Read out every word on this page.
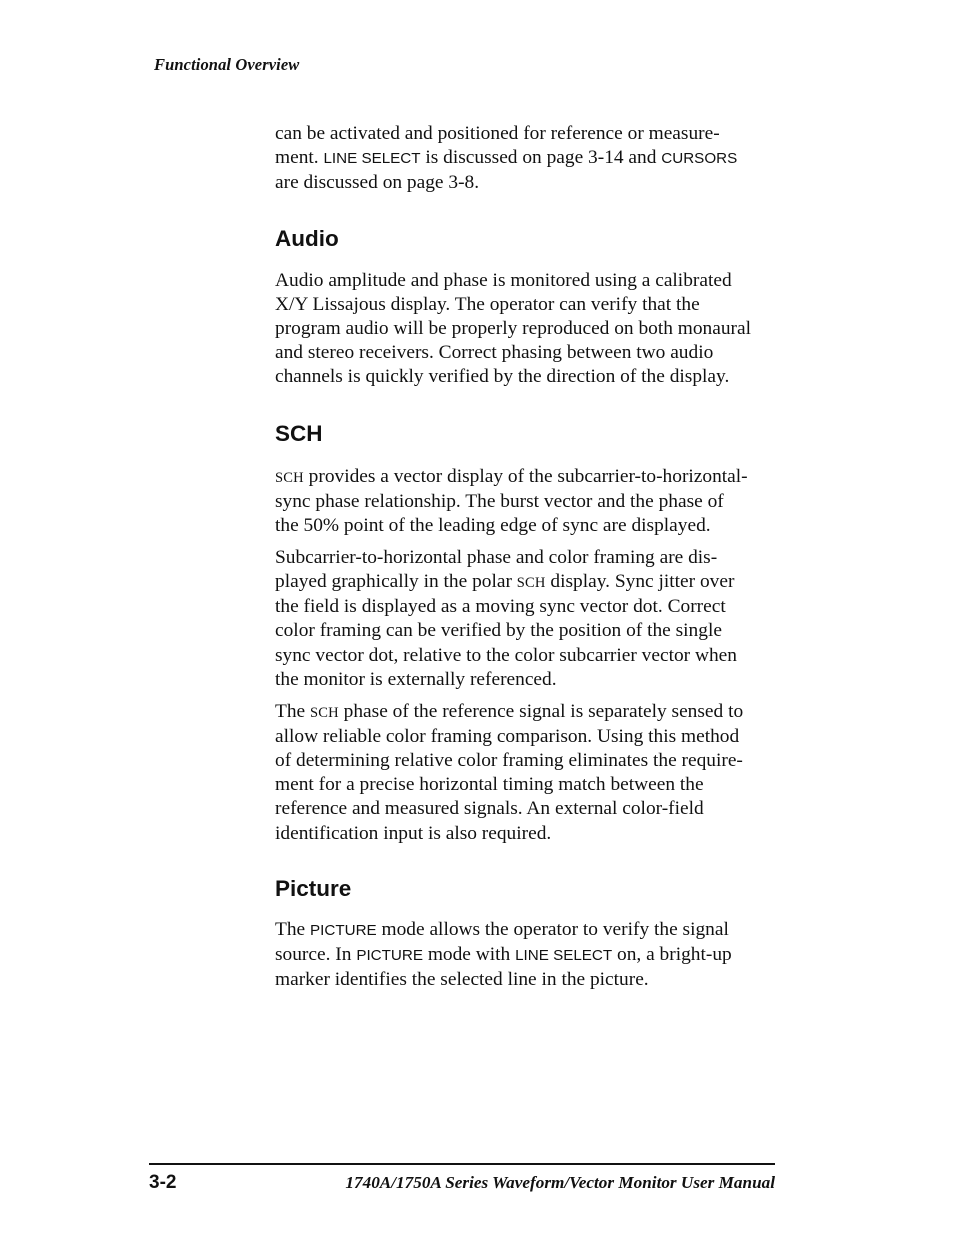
Functional Overview

can be activated and positioned for reference or measure-
ment. LINE SELECT is discussed on page 3-14 and CURSORS
are discussed on page 3-8.

Audio

Audio amplitude and phase is monitored using a calibrated
X/Y Lissajous display. The operator can verify that the
program audio will be properly reproduced on both monaural
and stereo receivers. Correct phasing between two audio
channels is quickly verified by the direction of the display.

SCH

SCH provides a vector display of the subcarrier-to-horizontal-
sync phase relationship. The burst vector and the phase of
the 50% point of the leading edge of sync are displayed.

Subcarrier-to-horizontal phase and color framing are dis-
played graphically in the polar SCH display. Sync jitter over
the field is displayed as a moving sync vector dot. Correct
color framing can be verified by the position of the single
sync vector dot, relative to the color subcarrier vector when
the monitor is externally referenced.

The SCH phase of the reference signal is separately sensed to
allow reliable color framing comparison. Using this method
of determining relative color framing eliminates the require-
ment for a precise horizontal timing match between the
reference and measured signals. An external color-field
identification input is also required.

Picture

The PICTURE mode allows the operator to verify the signal
source. In PICTURE mode with LINE SELECT on, a bright-up
marker identifies the selected line in the picture.

3-2	1740A/1750A Series Waveform/Vector Monitor User Manual
